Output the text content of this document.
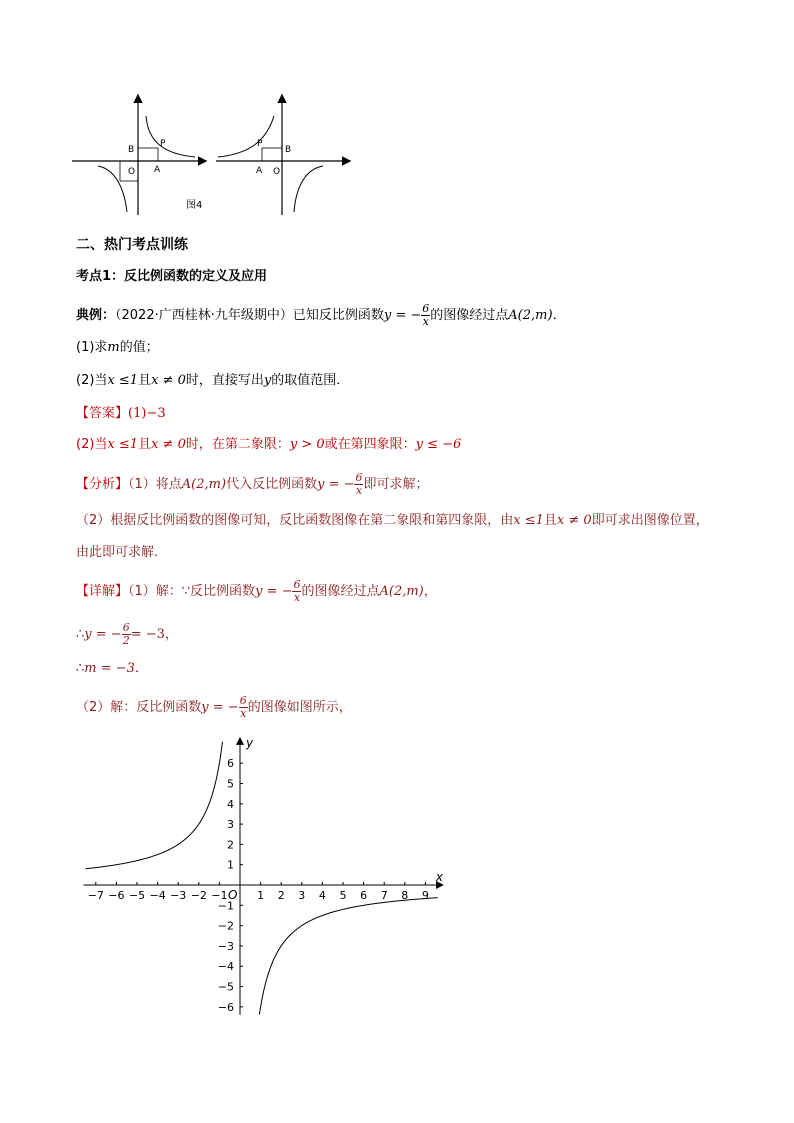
B
P
O A
P
B
A O
图4
二、热门考点训练
考点1：反比例函数的定义及应用
典例：（2022·广西桂林·九年级期中）已知反比例函数y = − $\frac{6}{x}$ 的图像经过点A(2,m)．
(1)求m的值；
(2)当x ≤1且x ≠ 0时，直接写出y的取值范围．
【答案】(1)−3
(2)当x ≤1且x ≠ 0时，在第二象限：y > 0或在第四象限：y ≤ −6
【分析】（1）将点A(2,m)代入反比例函数y = − $\frac{6}{x}$ 即可求解；
（2）根据反比例函数的图像可知，反比函数图像在第二象限和第四象限，由x ≤1且x ≠ 0即可求出图像位置，
由此即可求解．
【详解】（1）解：∵反比例函数y = − $\frac{6}{x}$ 的图像经过点A(2,m)，
∴y = − $\frac{6}{2} = -3$，
∴m = −3．
（2）解：反比例函数y = − $\frac{6}{x}$ 的图像如图所示，
−7 −6 −5 −4 −3 −2 −1	1 2 3 4 5 6 7 8 9
6
5
4
3
2
1
−1
−2
−3
−4
−5
−6
x
y
O
